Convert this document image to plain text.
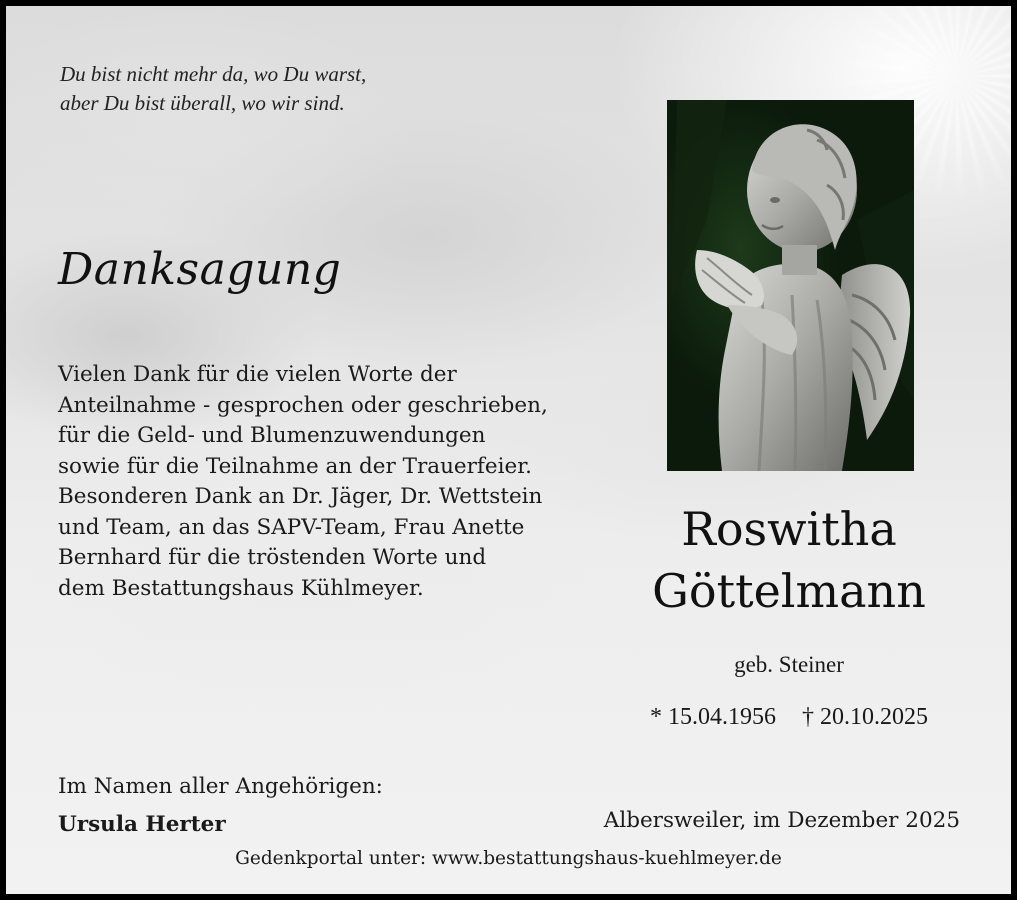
Du bist nicht mehr da, wo Du warst,
aber Du bist überall, wo wir sind.
Danksagung
Vielen Dank für die vielen Worte der
Anteilnahme - gesprochen oder geschrieben,
für die Geld- und Blumenzuwendungen
sowie für die Teilnahme an der Trauerfeier.
Besonderen Dank an Dr. Jäger, Dr. Wettstein
und Team, an das SAPV-Team, Frau Anette
Bernhard für die tröstenden Worte und
dem Bestattungshaus Kühlmeyer.
Roswitha
Göttelmann
geb. Steiner
* 15.04.1956 † 20.10.2025
Im Namen aller Angehörigen:
Ursula Herter	Albersweiler, im Dezember 2025
Gedenkportal unter: www.bestattungshaus-kuehlmeyer.de
